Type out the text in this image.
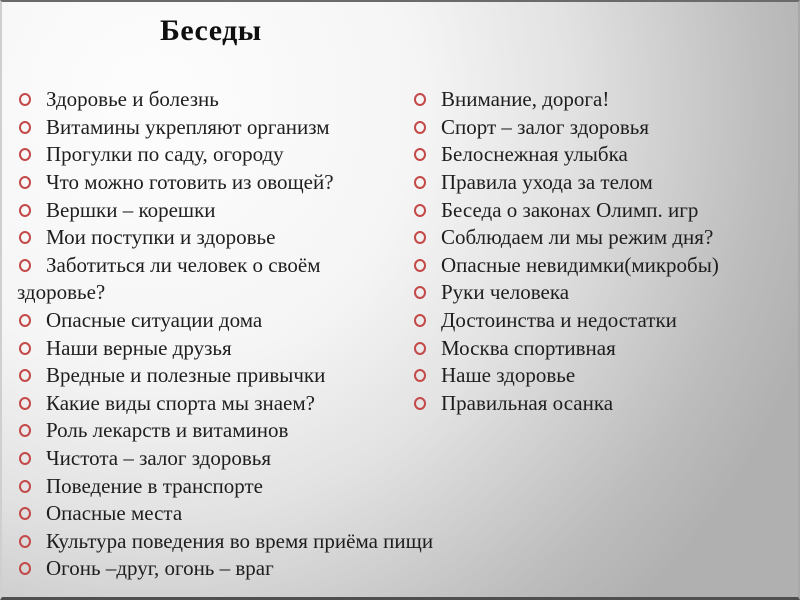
Беседы
Здоровье и болезнь
Витамины укрепляют организм
Прогулки по саду, огороду
Что можно готовить из овощей?
Вершки – корешки
Мои поступки и здоровье
Заботиться ли человек о своём
здоровье?
Опасные ситуации дома
Наши верные друзья
Вредные и полезные привычки
Какие виды спорта мы знаем?
Роль лекарств и витаминов
Чистота – залог здоровья
Поведение в транспорте
Опасные места
Культура поведения во время приёма пищи
Огонь –друг, огонь – враг
Внимание, дорога!
Спорт – залог здоровья
Белоснежная улыбка
Правила ухода за телом
Беседа о законах Олимп. игр
Соблюдаем ли мы режим дня?
Опасные невидимки(микробы)
Руки человека
Достоинства и недостатки
Москва спортивная
Наше здоровье
Правильная осанка
